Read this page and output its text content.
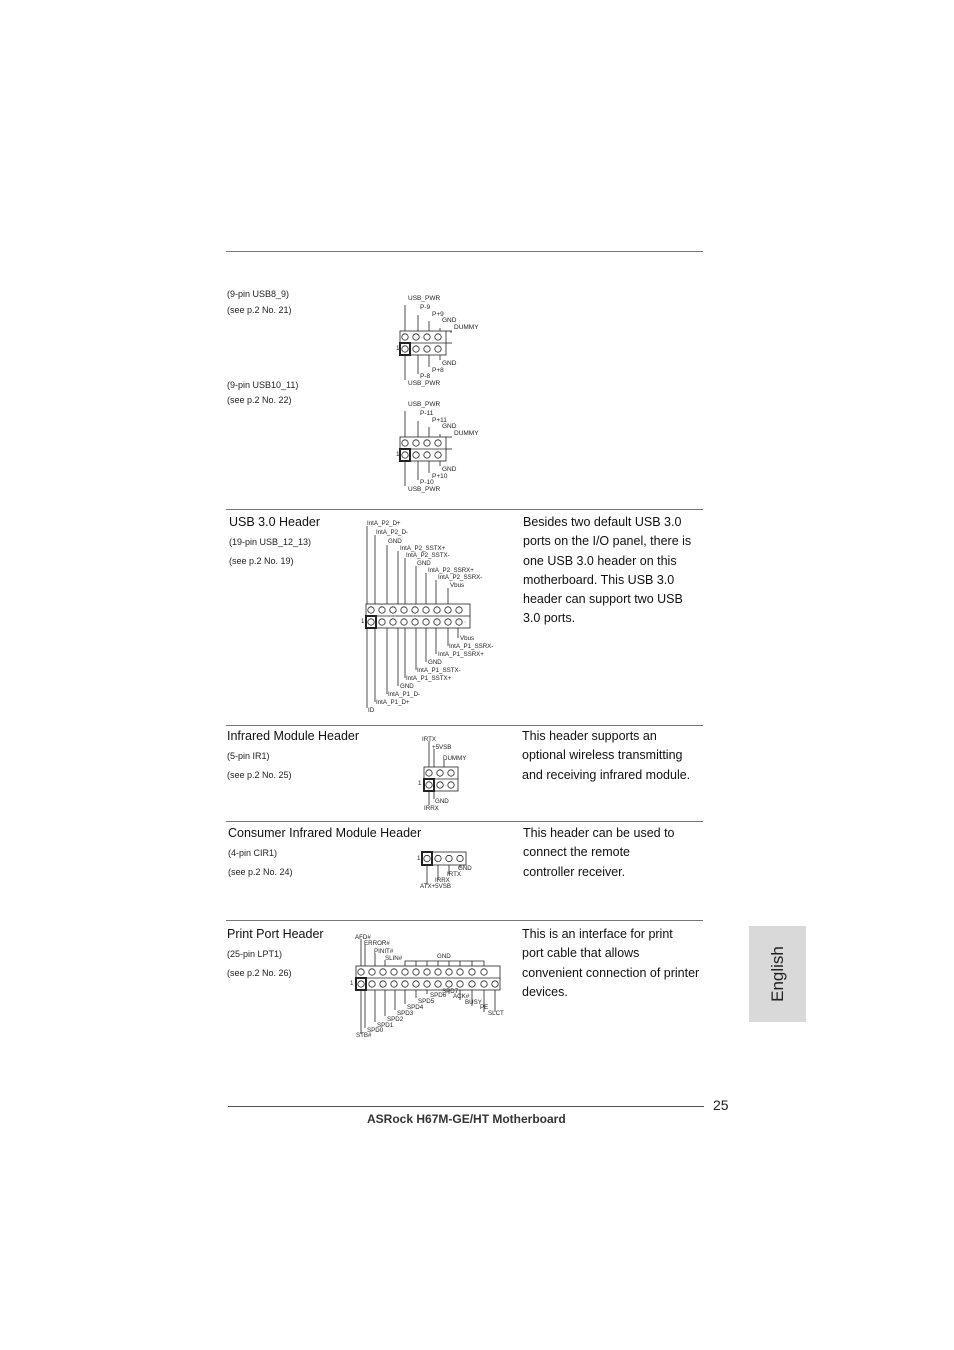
(9-pin USB8_9)
(see p.2 No. 21)
USB_PWR
P-9
P+9
GND
DUMMY
1
GND
P+8
P-8
USB_PWR
(9-pin USB10_11)
(see p.2 No. 22)	USB_PWR
P-11
P+11
GND
DUMMY
1
GND
P+10
P-10
USB_PWR
USB 3.0 Header
(19-pin USB_12_13)
(see p.2 No. 19)
Besides two default USB 3.0
ports on the I/O panel, there is
one USB 3.0 header on this
motherboard. This USB 3.0
header can support two USB
3.0 ports.
IntA_P2_D+
IntA_P2_D-
GND
IntA_P2_SSTX+
IntA_P2_SSTX-
GND
IntA_P2_SSRX+
IntA_P2_SSRX-
Vbus
1
Vbus
IntA_P1_SSRX-
IntA_P1_SSRX+
GND
IntA_P1_SSTX-
IntA_P1_SSTX+
GND
IntA_P1_D-
IntA_P1_D+
ID
Infrared Module Header
(5-pin IR1)
(see p.2 No. 25)
This header supports an
optional wireless transmitting
and receiving infrared module.
IRTX
+5VSB
DUMMY
1
GND
IRRX
Consumer Infrared Module Header
(4-pin CIR1)
(see p.2 No. 24)
This header can be used to
connect the remote
controller receiver.
1
GND
IRTX
IRRX
ATX+5VSB
Print Port Header
(25-pin LPT1)
(see p.2 No. 26)
This is an interface for print
port cable that allows
convenient connection of printer
devices.
AFD#
ERROR#
PINIT#
SLIN#	GND
1
SPD7
ACK#
BUSY
PE
SLCT
SPD6
SPD5
SPD4
SPD3
SPD2
SPD1
SPD0
STB#
English
25
ASRock H67M-GE/HT Motherboard
